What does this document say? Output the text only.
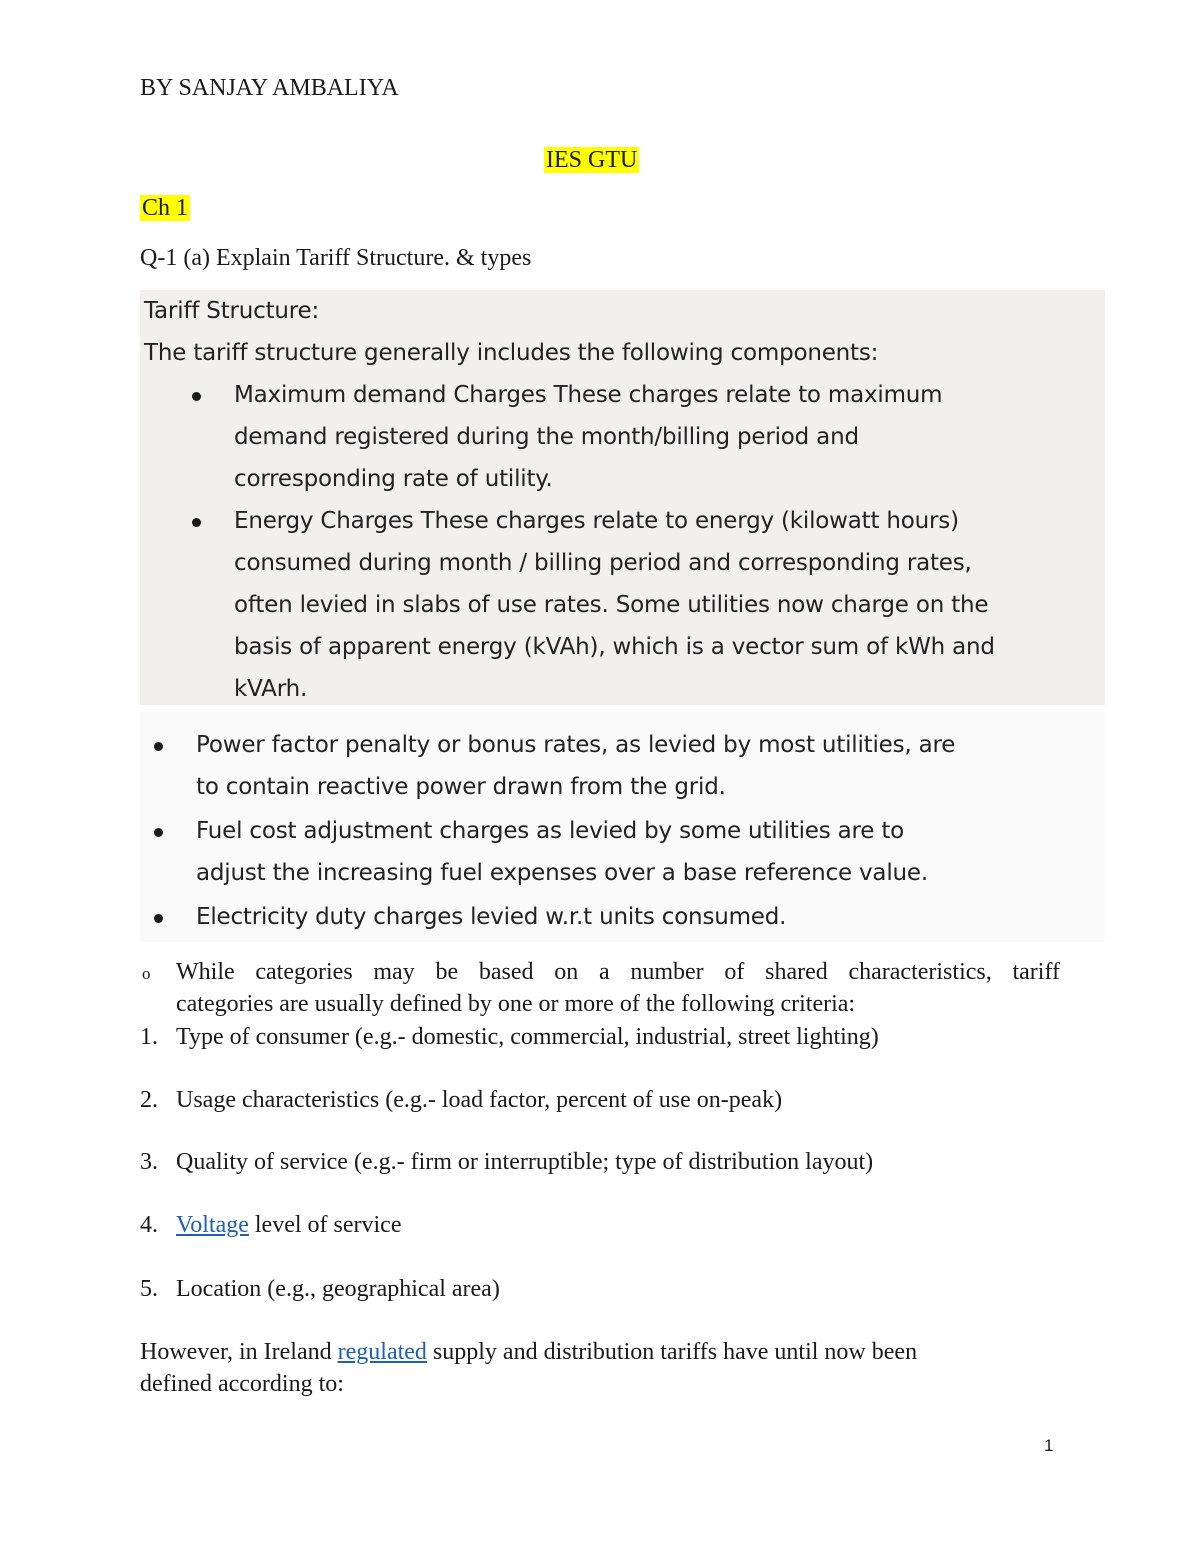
BY SANJAY AMBALIYA
IES GTU
Ch 1
Q-1 (a) Explain Tariff Structure. & types
Tariff Structure:
The tariff structure generally includes the following components:
Maximum demand Charges These charges relate to maximum
demand registered during the month/billing period and
corresponding rate of utility.
Energy Charges These charges relate to energy (kilowatt hours)
consumed during month / billing period and corresponding rates,
often levied in slabs of use rates. Some utilities now charge on the
basis of apparent energy (kVAh), which is a vector sum of kWh and
kVArh.
Power factor penalty or bonus rates, as levied by most utilities, are
to contain reactive power drawn from the grid.
Fuel cost adjustment charges as levied by some utilities are to
adjust the increasing fuel expenses over a base reference value.
Electricity duty charges levied w.r.t units consumed.
o While categories may be based on a number of shared characteristics, tariff
categories are usually defined by one or more of the following criteria:
1. Type of consumer (e.g.- domestic, commercial, industrial, street lighting)
2. Usage characteristics (e.g.- load factor, percent of use on-peak)
3. Quality of service (e.g.- firm or interruptible; type of distribution layout)
4. Voltage level of service
5. Location (e.g., geographical area)
However, in Ireland regulated supply and distribution tariffs have until now been
defined according to:
1
